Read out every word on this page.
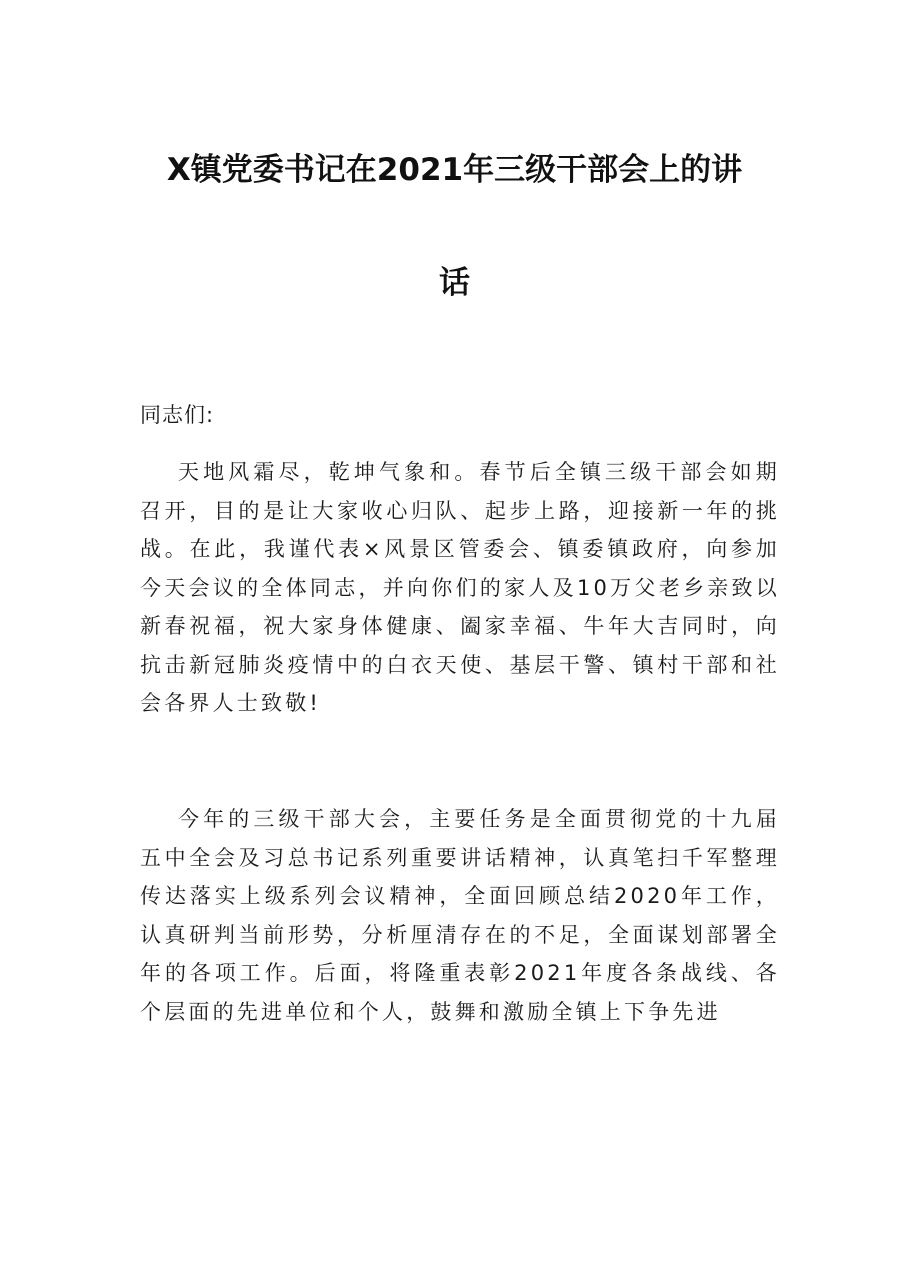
X镇党委书记在2021年三级干部会上的讲
话
同志们:

天地风霜尽，乾坤气象和。春节后全镇三级干部会如期召开，目的是让大家收心归队、起步上路，迎接新一年的挑战。在此，我谨代表×风景区管委会、镇委镇政府，向参加今天会议的全体同志，并向你们的家人及10万父老乡亲致以新春祝福，祝大家身体健康、阖家幸福、牛年大吉同时，向抗击新冠肺炎疫情中的白衣天使、基层干警、镇村干部和社会各界人士致敬!

今年的三级干部大会，主要任务是全面贯彻党的十九届五中全会及习总书记系列重要讲话精神，认真笔扫千军整理传达落实上级系列会议精神，全面回顾总结2020年工作，认真研判当前形势，分析厘清存在的不足，全面谋划部署全年的各项工作。后面，将隆重表彰2021年度各条战线、各个层面的先进单位和个人，鼓舞和激励全镇上下争先进
